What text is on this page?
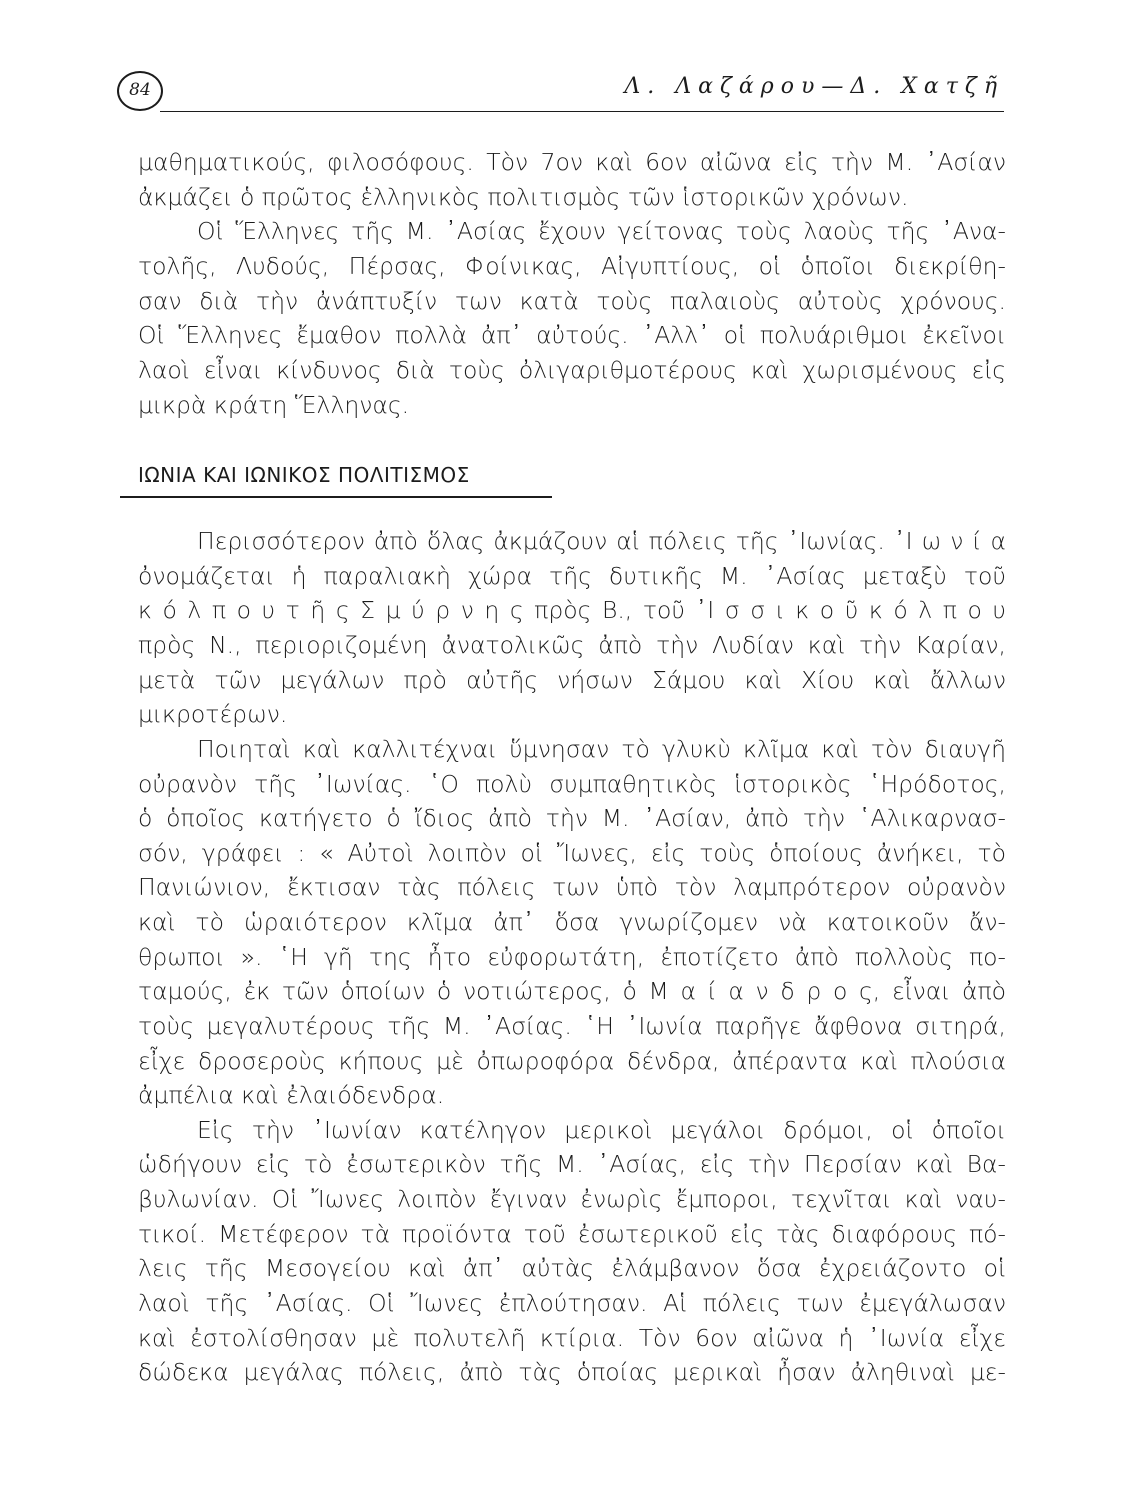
84	Λ. Λαζάρου—Δ. Χατζῆ
μαθηματικούς, φιλοσόφους. Τὸν 7ον καὶ 6ον αἰῶνα εἰς τὴν Μ. ᾿Ασίαν
ἀκμάζει ὁ πρῶτος ἑλληνικὸς πολιτισμὸς τῶν ἱστορικῶν χρόνων.
Οἱ Ἕλληνες τῆς Μ. ᾿Ασίας ἔχουν γείτονας τοὺς λαοὺς τῆς ᾿Ανα-
τολῆς, Λυδούς, Πέρσας, Φοίνικας, Αἰγυπτίους, οἱ ὁποῖοι διεκρίθη-
σαν διὰ τὴν ἀνάπτυξίν των κατὰ τοὺς παλαιοὺς αὐτοὺς χρόνους.
Οἱ Ἕλληνες ἔμαθον πολλὰ ἀπ᾿ αὐτούς. ᾿Αλλ᾿ οἱ πολυάριθμοι ἐκεῖνοι
λαοὶ εἶναι κίνδυνος διὰ τοὺς ὀλιγαριθμοτέρους καὶ χωρισμένους εἰς
μικρὰ κράτη Ἕλληνας.
ΙΩΝΙΑ ΚΑΙ ΙΩΝΙΚΟΣ ΠΟΛΙΤΙΣΜΟΣ
Περισσότερον ἀπὸ ὅλας ἀκμάζουν αἱ πόλεις τῆς ᾿Ιωνίας. ᾿Ι ω ν ί α
ὀνομάζεται ἡ παραλιακὴ χώρα τῆς δυτικῆς Μ. ᾿Ασίας μεταξὺ τοῦ
κ ό λ π ο υ τ ῆ ς Σ μ ύ ρ ν η ς πρὸς Β., τοῦ ᾿Ι σ σ ι κ ο ῦ κ ό λ π ο υ
πρὸς Ν., περιοριζομένη ἀνατολικῶς ἀπὸ τὴν Λυδίαν καὶ τὴν Καρίαν,
μετὰ τῶν μεγάλων πρὸ αὐτῆς νήσων Σάμου καὶ Χίου καὶ ἄλλων
μικροτέρων.
Ποιηταὶ καὶ καλλιτέχναι ὕμνησαν τὸ γλυκὺ κλῖμα καὶ τὸν διαυγῆ
οὐρανὸν τῆς ᾿Ιωνίας. ῾Ο πολὺ συμπαθητικὸς ἱστορικὸς ῾Ηρόδοτος,
ὁ ὁποῖος κατήγετο ὁ ἴδιος ἀπὸ τὴν Μ. ᾿Ασίαν, ἀπὸ τὴν ῾Αλικαρνασ-
σόν, γράφει : « Αὐτοὶ λοιπὸν οἱ Ἴωνες, εἰς τοὺς ὁποίους ἀνήκει, τὸ
Πανιώνιον, ἔκτισαν τὰς πόλεις των ὑπὸ τὸν λαμπρότερον οὐρανὸν
καὶ τὸ ὡραιότερον κλῖμα ἀπ᾿ ὅσα γνωρίζομεν νὰ κατοικοῦν ἄν-
θρωποι ». ῾Η γῆ της ἦτο εὐφορωτάτη, ἐποτίζετο ἀπὸ πολλοὺς πο-
ταμούς, ἐκ τῶν ὁποίων ὁ νοτιώτερος, ὁ Μ α ί α ν δ ρ ο ς, εἶναι ἀπὸ
τοὺς μεγαλυτέρους τῆς Μ. ᾿Ασίας. ῾Η ᾿Ιωνία παρῆγε ἄφθονα σιτηρά,
εἶχε δροσεροὺς κήπους μὲ ὀπωροφόρα δένδρα, ἀπέραντα καὶ πλούσια
ἀμπέλια καὶ ἐλαιόδενδρα.
Εἰς τὴν ᾿Ιωνίαν κατέληγον μερικοὶ μεγάλοι δρόμοι, οἱ ὁποῖοι
ὡδήγουν εἰς τὸ ἐσωτερικὸν τῆς Μ. ᾿Ασίας, εἰς τὴν Περσίαν καὶ Βα-
βυλωνίαν. Οἱ Ἴωνες λοιπὸν ἔγιναν ἐνωρὶς ἔμποροι, τεχνῖται καὶ ναυ-
τικοί. Μετέφερον τὰ προϊόντα τοῦ ἐσωτερικοῦ εἰς τὰς διαφόρους πό-
λεις τῆς Μεσογείου καὶ ἀπ᾿ αὐτὰς ἐλάμβανον ὅσα ἐχρειάζοντο οἱ
λαοὶ τῆς ᾿Ασίας. Οἱ Ἴωνες ἐπλούτησαν. Αἱ πόλεις των ἐμεγάλωσαν
καὶ ἐστολίσθησαν μὲ πολυτελῆ κτίρια. Τὸν 6ον αἰῶνα ἡ ᾿Ιωνία εἶχε
δώδεκα μεγάλας πόλεις, ἀπὸ τὰς ὁποίας μερικαὶ ἦσαν ἀληθιναὶ με-
